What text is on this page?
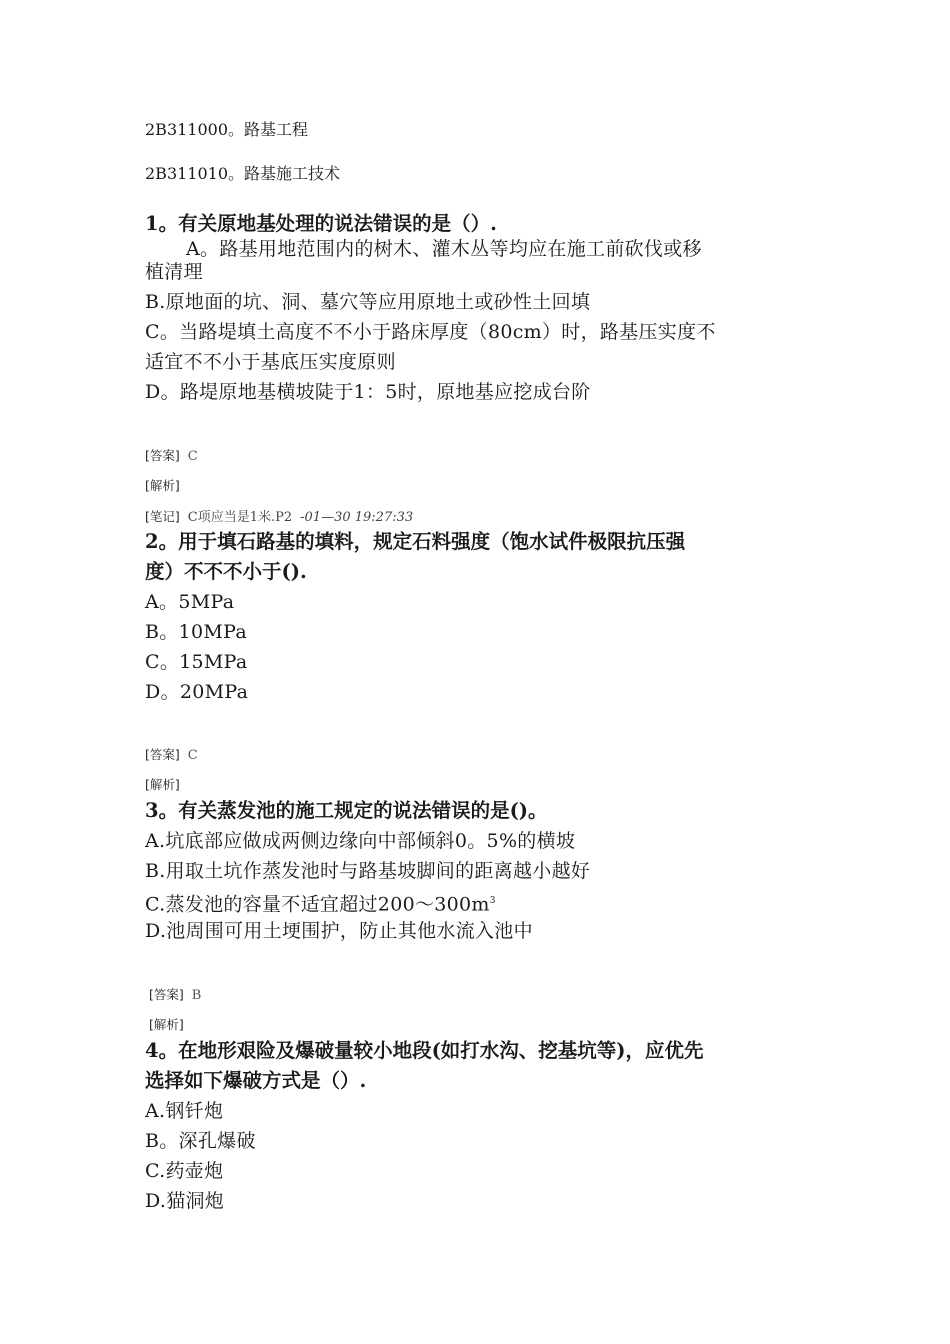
2B311000。路基工程
2B311010。路基施工技术
1。有关原地基处理的说法错误的是（）.
A。路基用地范围内的树木、灌木丛等均应在施工前砍伐或移
植清理
B.原地面的坑、洞、墓穴等应用原地土或砂性土回填
C。当路堤填土高度不不小于路床厚度（80cm）时，路基压实度不
适宜不不小于基底压实度原则
D。路堤原地基横坡陡于1：5时，原地基应挖成台阶
[答案] C
[解析]
[笔记] C项应当是1米.P2 -01—30 19:27:33
2。用于填石路基的填料，规定石料强度（饱水试件极限抗压强
度）不不不小于().
A。5MPa
B。10MPa
C。15MPa
D。20MPa
[答案] C
[解析]
3。有关蒸发池的施工规定的说法错误的是()。
A.坑底部应做成两侧边缘向中部倾斜0。5%的横坡
B.用取土坑作蒸发池时与路基坡脚间的距离越小越好
C.蒸发池的容量不适宜超过$200\sim 300m^3$
D.池周围可用土埂围护，防止其他水流入池中
[答案] B
[解析]
4。在地形艰险及爆破量较小地段(如打水沟、挖基坑等)，应优先
选择如下爆破方式是（）.
A.钢钎炮
B。深孔爆破
C.药壶炮
D.猫洞炮
